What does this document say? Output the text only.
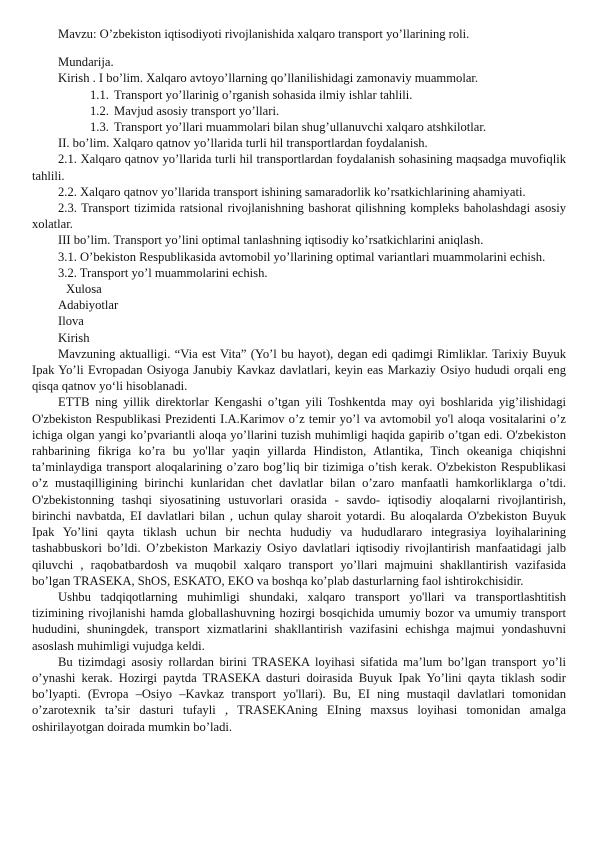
Mavzu: O’zbekiston iqtisodiyoti rivojlanishida xalqaro transport yo’llarining roli.

Mundarija.

Kirish . I bo’lim. Xalqaro avtoyo’llarning qo’llanilishidagi zamonaviy muammolar.

1.1. Transport yo’llarinig o’rganish sohasida ilmiy ishlar tahlili.

1.2. Mavjud asosiy transport yo’llari.

1.3. Transport yo’llari muammolari bilan shug’ullanuvchi xalqaro atshkilotlar.

II. bo’lim. Xalqaro qatnov yo’llarida turli hil transportlardan foydalanish.

2.1. Xalqaro qatnov yo’llarida turli hil transportlardan foydalanish sohasining maqsadga muvofiqlik tahlili.

2.2. Xalqaro qatnov yo’llarida transport ishining samaradorlik ko’rsatkichlarining ahamiyati.

2.3. Transport tizimida ratsional rivojlanishning bashorat qilishning kompleks baholashdagi asosiy xolatlar.

III bo’lim. Transport yo’lini optimal tanlashning iqtisodiy ko’rsatkichlarini aniqlash.

3.1. O’bekiston Respublikasida avtomobil yo’llarining optimal variantlari muammolarini echish.

3.2. Transport yo’l muammolarini echish.

Xulosa

Adabiyotlar

Ilova

Kirish

Mavzuning aktualligi. “Via est Vita” (Yo’l bu hayot), degan edi qadimgi Rimliklar. Tarixiy Buyuk Ipak Yo’li Evropadan Osiyoga Janubiy Kavkaz davlatlari, keyin eas Markaziy Osiyo hududi orqali eng qisqa qatnov yo‘li hisoblanadi.

ETTB ning yillik direktorlar Kengashi o’tgan yili Toshkentda may oyi boshlarida yig’ilishidagi O'zbekiston Respublikasi Prezidenti I.A.Karimov o’z temir yo’l va avtomobil yo'l aloqa vositalarini o’z ichiga olgan yangi ko’pvariantli aloqa yo’llarini tuzish muhimligi haqida gapirib o’tgan edi. O'zbekiston rahbarining fikriga ko’ra bu yo'llar yaqin yillarda Hindiston, Atlantika, Tinch okeaniga chiqishni ta’minlaydiga transport aloqalarining o’zaro bog’liq bir tizimiga o’tish kerak. O'zbekiston Respublikasi o’z mustaqilligining birinchi kunlaridan chet davlatlar bilan o’zaro manfaatli hamkorliklarga o’tdi. O'zbekistonning tashqi siyosatining ustuvorlari orasida - savdo- iqtisodiy aloqalarni rivojlantirish, birinchi navbatda, EI davlatlari bilan , uchun qulay sharoit yotardi. Bu aloqalarda O'zbekiston Buyuk Ipak Yo’lini qayta tiklash uchun bir nechta hududiy va hududlararo integrasiya loyihalarining tashabbuskori bo’ldi. O’zbekiston Markaziy Osiyo davlatlari iqtisodiy rivojlantirish manfaatidagi jalb qiluvchi , raqobatbardosh va muqobil xalqaro transport yo’llari majmuini shakllantirish vazifasida bo’lgan TRASEKA, ShOS, ESKATO, EKO va boshqa ko’plab dasturlarning faol ishtirokchisidir.

Ushbu tadqiqotlarning muhimligi shundaki, xalqaro transport yo'llari va transportlashtitish tizimining rivojlanishi hamda globallashuvning hozirgi bosqichida umumiy bozor va umumiy transport hududini, shuningdek, transport xizmatlarini shakllantirish vazifasini echishga majmui yondashuvni asoslash muhimligi vujudga keldi.

Bu tizimdagi asosiy rollardan birini TRASEKA loyihasi sifatida ma’lum bo’lgan transport yo’li o’ynashi kerak. Hozirgi paytda TRASEKA dasturi doirasida Buyuk Ipak Yo’lini qayta tiklash sodir bo’lyapti. (Evropa –Osiyo –Kavkaz transport yo'llari). Bu, EI ning mustaqil davlatlari tomonidan o’zarotexnik ta’sir dasturi tufayli , TRASEKAning EIning maxsus loyihasi tomonidan amalga oshirilayotgan doirada mumkin bo’ladi.
